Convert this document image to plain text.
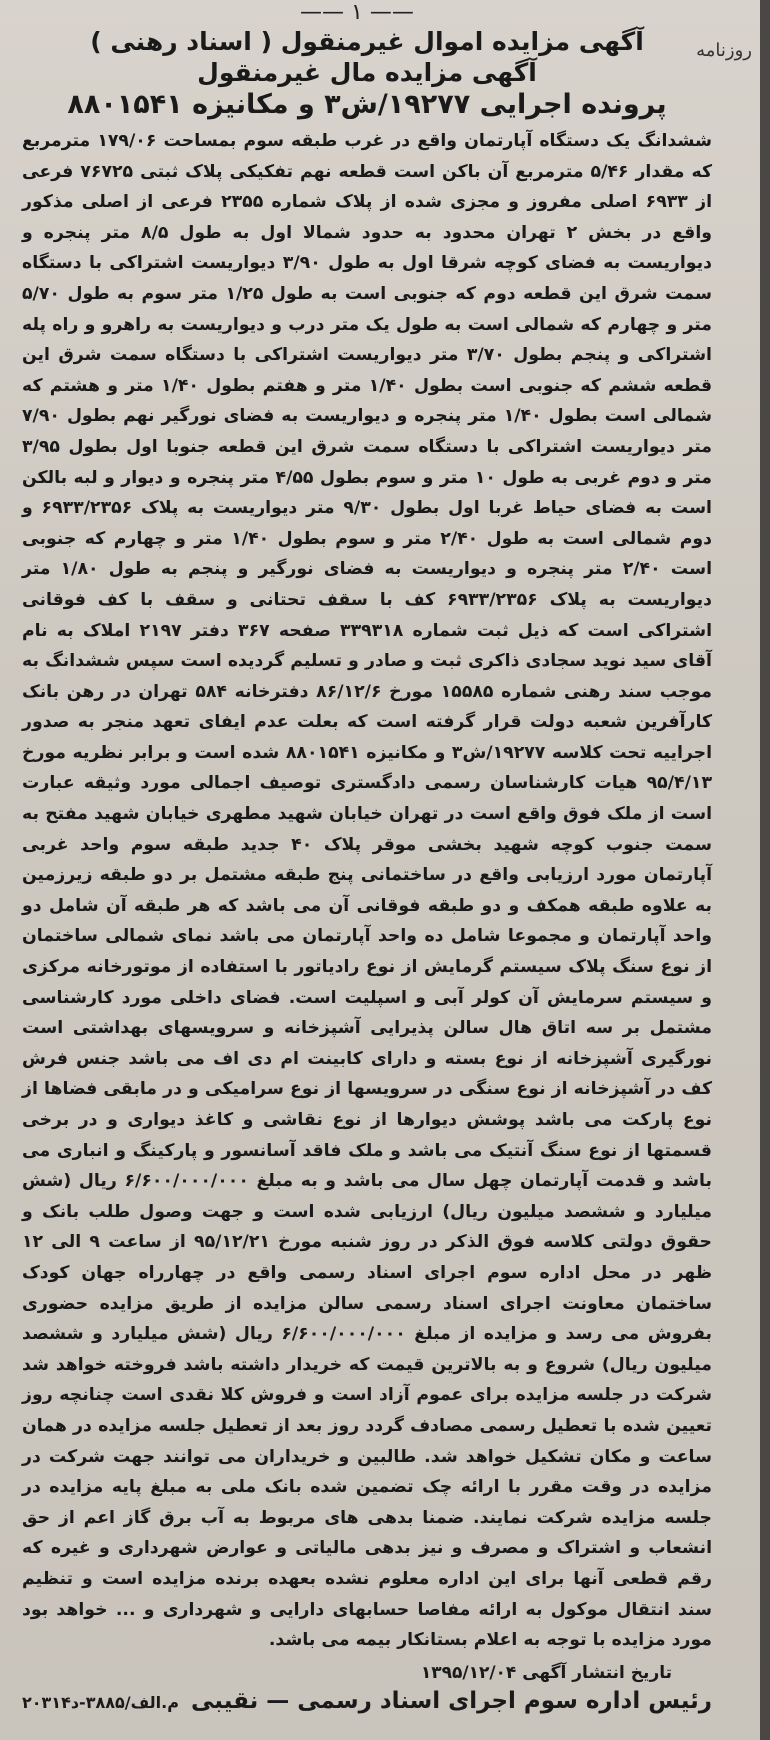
—— ١ ——
روزنامه
آگهی مزایده اموال غیرمنقول ( اسناد رهنی )
آگهی مزایده مال غیرمنقول
پرونده اجرایی ۱۹۲۷۷/ش۳ و مکانیزه ۸۸۰۱۵۴۱

ششدانگ یک دستگاه آپارتمان واقع در غرب طبقه سوم بمساحت ۱۷۹/۰۶ مترمربع که مقدار ۵/۴۶ مترمربع آن باکن است قطعه نهم تفکیکی پلاک ثبتی ۷۶۷۲۵ فرعی از ۶۹۳۳ اصلی مفروز و مجزی شده از پلاک شماره ۲۳۵۵ فرعی از اصلی مذکور واقع در بخش ۲ تهران محدود به حدود شمالا اول به طول ۸/۵ متر پنجره و دیواریست به فضای کوچه شرقا اول به طول ۳/۹۰ دیواریست اشتراکی با دستگاه سمت شرق این قطعه دوم که جنوبی است به طول ۱/۲۵ متر سوم به طول ۵/۷۰ متر و چهارم که شمالی است به طول یک متر درب و دیواریست به راهرو و راه پله اشتراکی و پنجم بطول ۳/۷۰ متر دیواریست اشتراکی با دستگاه سمت شرق این قطعه ششم که جنوبی است بطول ۱/۴۰ متر و هفتم بطول ۱/۴۰ متر و هشتم که شمالی است بطول ۱/۴۰ متر پنجره و دیواریست به فضای نورگیر نهم بطول ۷/۹۰ متر دیواریست اشتراکی با دستگاه سمت شرق این قطعه جنوبا اول بطول ۳/۹۵ متر و دوم غربی به طول ۱۰ متر و سوم بطول ۴/۵۵ متر پنجره و دیوار و لبه بالکن است به فضای حیاط غربا اول بطول ۹/۳۰ متر دیواریست به پلاک ۶۹۳۳/۲۳۵۶ و دوم شمالی است به طول ۲/۴۰ متر و سوم بطول ۱/۴۰ متر و چهارم که جنوبی است ۲/۴۰ متر پنجره و دیواریست به فضای نورگیر و پنجم به طول ۱/۸۰ متر دیواریست به پلاک ۶۹۳۳/۲۳۵۶ کف با سقف تحتانی و سقف با کف فوقانی اشتراکی است که ذیل ثبت شماره ۳۳۹۳۱۸ صفحه ۳۶۷ دفتر ۲۱۹۷ املاک به نام آقای سید نوید سجادی ذاکری ثبت و صادر و تسلیم گردیده است سپس ششدانگ به موجب سند رهنی شماره ۱۵۵۸۵ مورخ ۸۶/۱۲/۶ دفترخانه ۵۸۴ تهران در رهن بانک کارآفرین شعبه دولت قرار گرفته است که بعلت عدم ایفای تعهد منجر به صدور اجراییه تحت کلاسه ۱۹۲۷۷/ش۳ و مکانیزه ۸۸۰۱۵۴۱ شده است و برابر نظریه مورخ ۹۵/۴/۱۳ هیات کارشناسان رسمی دادگستری توصیف اجمالی مورد وثیقه عبارت است از ملک فوق واقع است در تهران خیابان شهید مطهری خیابان شهید مفتح به سمت جنوب کوچه شهید بخشی موقر پلاک ۴۰ جدید طبقه سوم واحد غربی آپارتمان مورد ارزیابی واقع در ساختمانی پنج طبقه مشتمل بر دو طبقه زیرزمین به علاوه طبقه همکف و دو طبقه فوقانی آن می باشد که هر طبقه آن شامل دو واحد آپارتمان و مجموعا شامل ده واحد آپارتمان می باشد نمای شمالی ساختمان از نوع سنگ پلاک سیستم گرمایش از نوع رادیاتور با استفاده از موتورخانه مرکزی و سیستم سرمایش آن کولر آبی و اسپلیت است. فضای داخلی مورد کارشناسی مشتمل بر سه اتاق هال سالن پذیرایی آشپزخانه و سرویسهای بهداشتی است نورگیری آشپزخانه از نوع بسته و دارای کابینت ام دی اف می باشد جنس فرش کف در آشپزخانه از نوع سنگی در سرویسها از نوع سرامیکی و در مابقی فضاها از نوع پارکت می باشد پوشش دیوارها از نوع نقاشی و کاغذ دیواری و در برخی قسمتها از نوع سنگ آنتیک می باشد و ملک فاقد آسانسور و پارکینگ و انباری می باشد و قدمت آپارتمان چهل سال می باشد و به مبلغ ۶/۶۰۰/۰۰۰/۰۰۰ ریال (شش میلیارد و ششصد میلیون ریال) ارزیابی شده است و جهت وصول طلب بانک و حقوق دولتی کلاسه فوق الذکر در روز شنبه مورخ ۹۵/۱۲/۲۱ از ساعت ۹ الی ۱۲ ظهر در محل اداره سوم اجرای اسناد رسمی واقع در چهارراه جهان کودک ساختمان معاونت اجرای اسناد رسمی سالن مزایده از طریق مزایده حضوری بفروش می رسد و مزایده از مبلغ ۶/۶۰۰/۰۰۰/۰۰۰ ریال (شش میلیارد و ششصد میلیون ریال) شروع و به بالاترین قیمت که خریدار داشته باشد فروخته خواهد شد شرکت در جلسه مزایده برای عموم آزاد است و فروش کلا نقدی است چنانچه روز تعیین شده با تعطیل رسمی مصادف گردد روز بعد از تعطیل جلسه مزایده در همان ساعت و مکان تشکیل خواهد شد. طالبین و خریداران می توانند جهت شرکت در مزایده در وقت مقرر با ارائه چک تضمین شده بانک ملی به مبلغ پایه مزایده در جلسه مزایده شرکت نمایند. ضمنا بدهی های مربوط به آب برق گاز اعم از حق انشعاب و اشتراک و مصرف و نیز بدهی مالیاتی و عوارض شهرداری و غیره که رقم قطعی آنها برای این اداره معلوم نشده بعهده برنده مزایده است و تنظیم سند انتقال موکول به ارائه مفاصا حسابهای دارایی و شهرداری و ... خواهد بود مورد مزایده با توجه به اعلام بستانکار بیمه می باشد.

تاریخ انتشار آگهی ۱۳۹۵/۱۲/۰۴
رئیس اداره سوم اجرای اسناد رسمی — نقیبی
۲۰۳۱۴م.الف/۳۸۸۵-د
